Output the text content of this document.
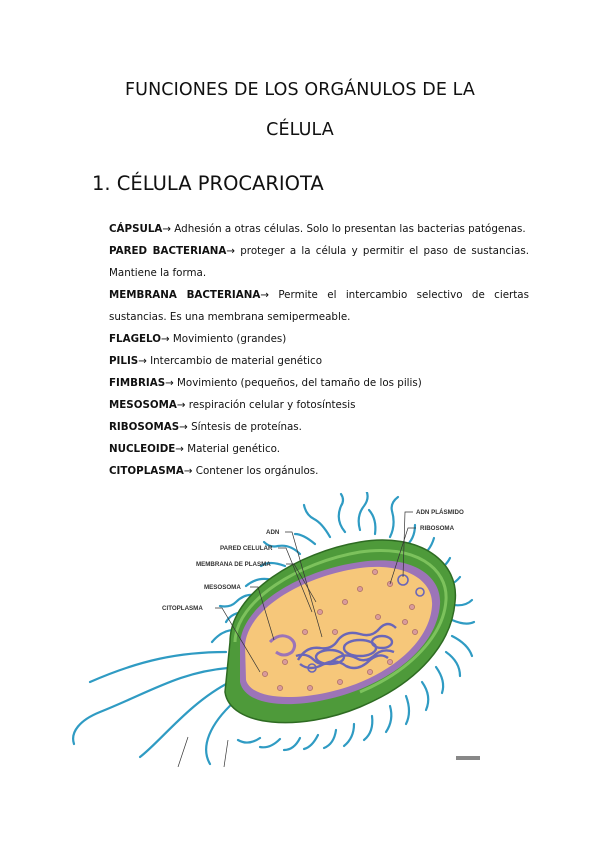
FUNCIONES DE LOS ORGÁNULOS DE LA
CÉLULA
1. CÉLULA PROCARIOTA

CÁPSULA→ Adhesión a otras células. Solo lo presentan las bacterias patógenas.

PARED BACTERIANA→ proteger a la célula y permitir el paso de sustancias. Mantiene la forma.

MEMBRANA BACTERIANA→ Permite el intercambio selectivo de ciertas sustancias. Es una membrana semipermeable.

FLAGELO→ Movimiento (grandes)

PILIS→ Intercambio de material genético

FIMBRIAS→ Movimiento (pequeños, del tamaño de los pilis)

MESOSOMA→ respiración celular y fotosíntesis

RIBOSOMAS→ Síntesis de proteínas.

NUCLEOIDE→ Material genético.

CITOPLASMA→ Contener los orgánulos.

ADN PLÁSMIDO
RIBOSOMA
ADN
PARED CELULAR
MEMBRANA DE PLASMA
MESOSOMA
CITOPLASMA
